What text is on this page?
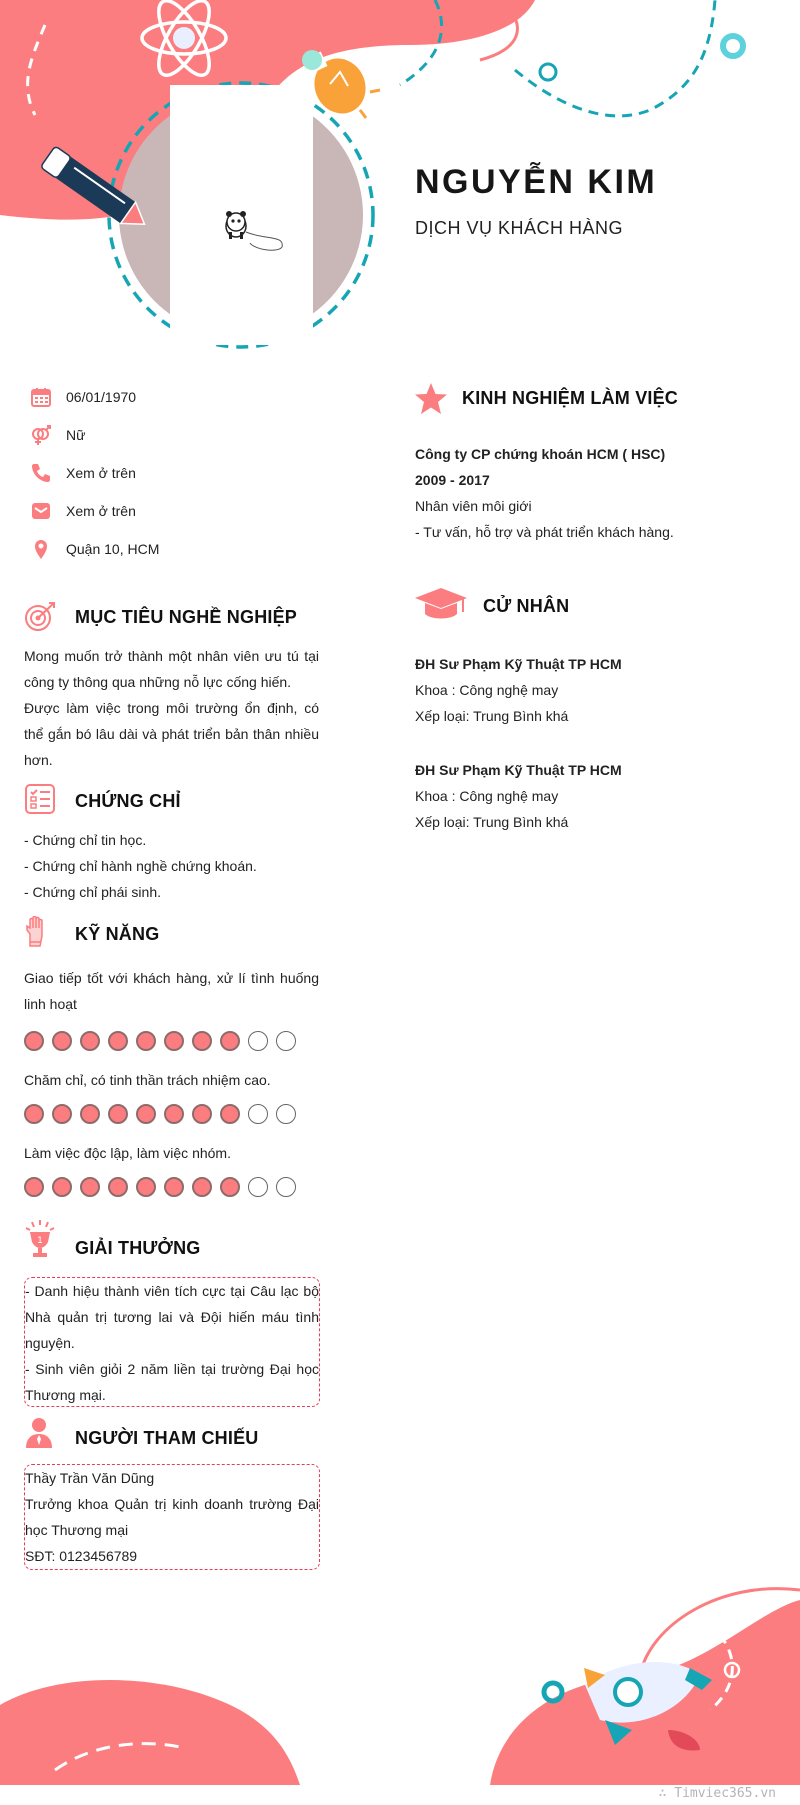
NGUYỄN KIM
DỊCH VỤ KHÁCH HÀNG
06/01/1970
Nữ
Xem ở trên
Xem ở trên
Quận 10, HCM
MỤC TIÊU NGHỀ NGHIỆP

Mong muốn trở thành một nhân viên ưu tú tại công ty thông qua những nỗ lực cống hiến.

Được làm việc trong môi trường ổn định, có thể gắn bó lâu dài và phát triển bản thân nhiều hơn.

CHỨNG CHỈ

- Chứng chỉ tin học.

- Chứng chỉ hành nghề chứng khoán.

- Chứng chỉ phái sinh.

KỸ NĂNG
Giao tiếp tốt với khách hàng, xử lí tình huống linh hoạt
Chăm chỉ, có tinh thần trách nhiệm cao.
Làm việc độc lập, làm việc nhóm.
1 GIẢI THƯỞNG

- Danh hiệu thành viên tích cực tại Câu lạc bộ Nhà quản trị tương lai và Đội hiến máu tình nguyện.

- Sinh viên giỏi 2 năm liền tại trường Đại học Thương mại.

NGƯỜI THAM CHIẾU

Thầy Trần Văn Dũng

Trưởng khoa Quản trị kinh doanh trường Đại học Thương mại

SĐT: 0123456789

KINH NGHIỆM LÀM VIỆC

Công ty CP chứng khoán HCM ( HSC)

2009 - 2017

Nhân viên môi giới

- Tư vấn, hỗ trợ và phát triển khách hàng.

CỬ NHÂN

ĐH Sư Phạm Kỹ Thuật TP HCM

Khoa : Công nghệ may

Xếp loại: Trung Bình khá

ĐH Sư Phạm Kỹ Thuật TP HCM

Khoa : Công nghệ may

Xếp loại: Trung Bình khá

∴ Timviec365.vn
